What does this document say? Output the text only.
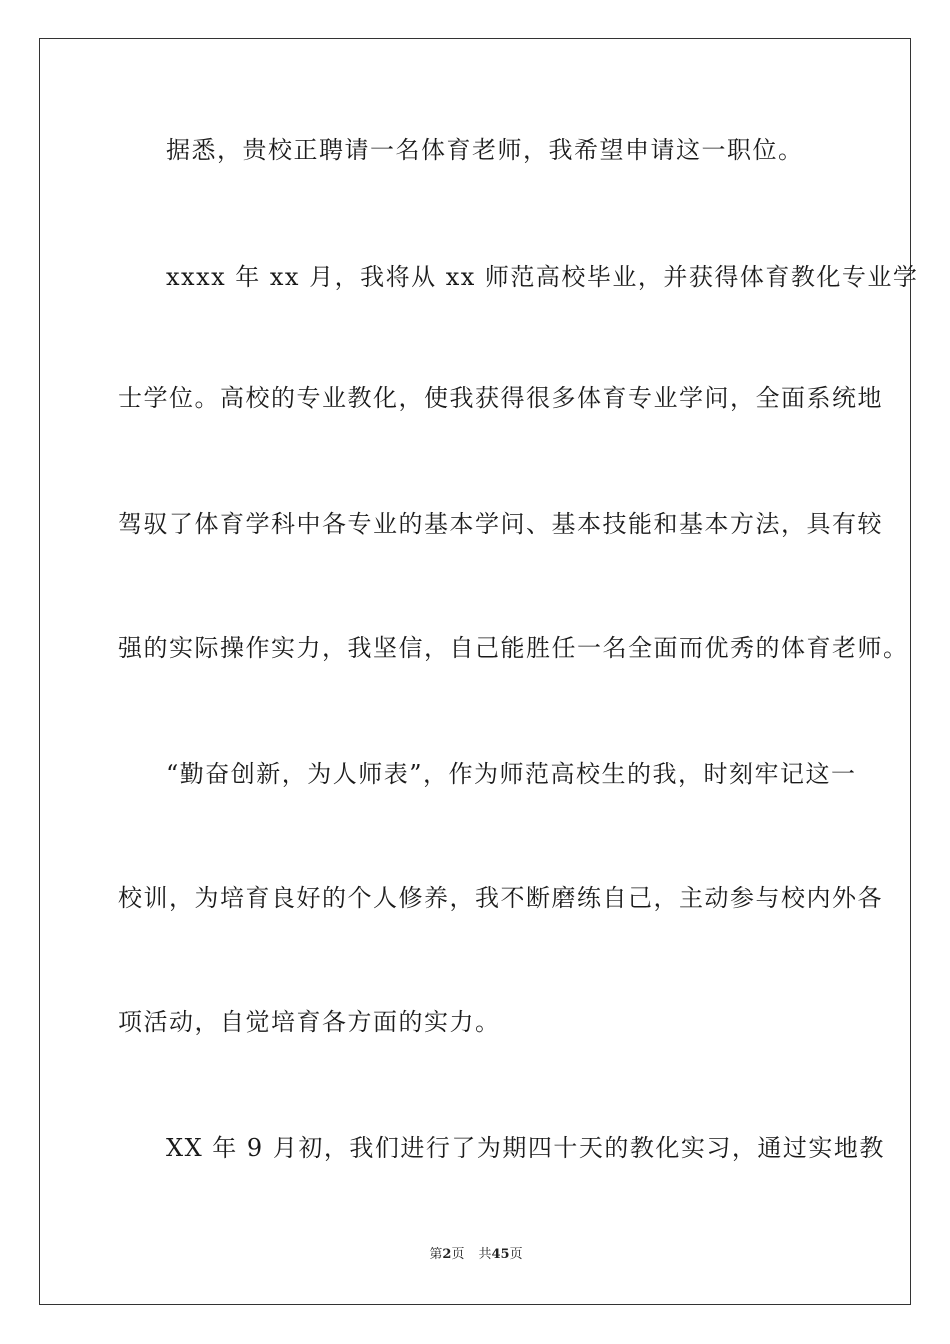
据悉，贵校正聘请一名体育老师，我希望申请这一职位。
xxxx 年 xx 月，我将从 xx 师范高校毕业，并获得体育教化专业学
士学位。高校的专业教化，使我获得很多体育专业学问，全面系统地
驾驭了体育学科中各专业的基本学问、基本技能和基本方法，具有较
强的实际操作实力，我坚信，自己能胜任一名全面而优秀的体育老师。
“勤奋创新，为人师表”，作为师范高校生的我，时刻牢记这一
校训，为培育良好的个人修养，我不断磨练自己，主动参与校内外各
项活动，自觉培育各方面的实力。
XX 年 9 月初，我们进行了为期四十天的教化实习，通过实地教
第2页 共45页
